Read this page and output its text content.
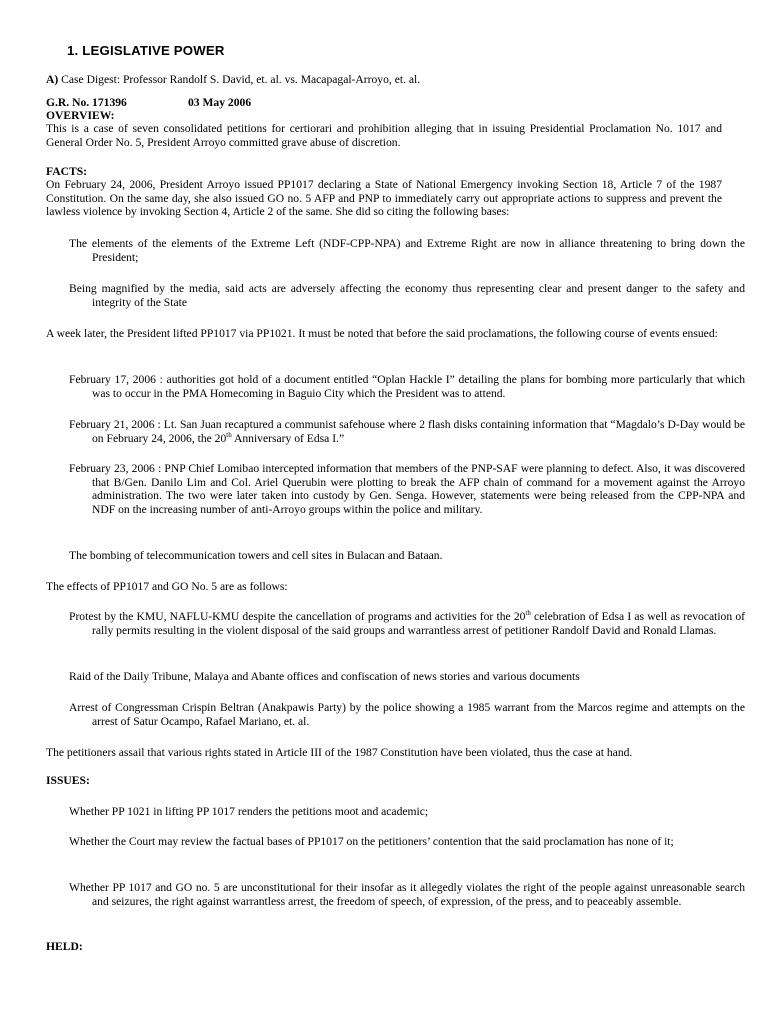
1. LEGISLATIVE POWER
A) Case Digest: Professor Randolf S. David, et. al. vs. Macapagal-Arroyo, et. al.
G.R. No. 171396	03 May 2006
OVERVIEW:
This is a case of seven consolidated petitions for certiorari and prohibition alleging that in issuing Presidential Proclamation No. 1017 and General Order No. 5, President Arroyo committed grave abuse of discretion.
FACTS:
On February 24, 2006, President Arroyo issued PP1017 declaring a State of National Emergency invoking Section 18, Article 7 of the 1987 Constitution. On the same day, she also issued GO no. 5 AFP and PNP to immediately carry out appropriate actions to suppress and prevent the lawless violence by invoking Section 4, Article 2 of the same. She did so citing the following bases:
The elements of the elements of the Extreme Left (NDF-CPP-NPA) and Extreme Right are now in alliance threatening to bring down the President;
Being magnified by the media, said acts are adversely affecting the economy thus representing clear and present danger to the safety and integrity of the State
A week later, the President lifted PP1017 via PP1021. It must be noted that before the said proclamations, the following course of events ensued:
February 17, 2006 : authorities got hold of a document entitled “Oplan Hackle I” detailing the plans for bombing more particularly that which was to occur in the PMA Homecoming in Baguio City which the President was to attend.
February 21, 2006 : Lt. San Juan recaptured a communist safehouse where 2 flash disks containing information that “Magdalo’s D-Day would be on February 24, 2006, the 20th Anniversary of Edsa I.”
February 23, 2006 : PNP Chief Lomibao intercepted information that members of the PNP-SAF were planning to defect. Also, it was discovered that B/Gen. Danilo Lim and Col. Ariel Querubin were plotting to break the AFP chain of command for a movement against the Arroyo administration. The two were later taken into custody by Gen. Senga. However, statements were being released from the CPP-NPA and NDF on the increasing number of anti-Arroyo groups within the police and military.
The bombing of telecommunication towers and cell sites in Bulacan and Bataan.
The effects of PP1017 and GO No. 5 are as follows:
Protest by the KMU, NAFLU-KMU despite the cancellation of programs and activities for the 20th celebration of Edsa I as well as revocation of rally permits resulting in the violent disposal of the said groups and warrantless arrest of petitioner Randolf David and Ronald Llamas.
Raid of the Daily Tribune, Malaya and Abante offices and confiscation of news stories and various documents
Arrest of Congressman Crispin Beltran (Anakpawis Party) by the police showing a 1985 warrant from the Marcos regime and attempts on the arrest of Satur Ocampo, Rafael Mariano, et. al.
The petitioners assail that various rights stated in Article III of the 1987 Constitution have been violated, thus the case at hand.
ISSUES:
Whether PP 1021 in lifting PP 1017 renders the petitions moot and academic;
Whether the Court may review the factual bases of PP1017 on the petitioners’ contention that the said proclamation has none of it;
Whether PP 1017 and GO no. 5 are unconstitutional for their insofar as it allegedly violates the right of the people against unreasonable search and seizures, the right against warrantless arrest, the freedom of speech, of expression, of the press, and to peaceably assemble.
HELD:
